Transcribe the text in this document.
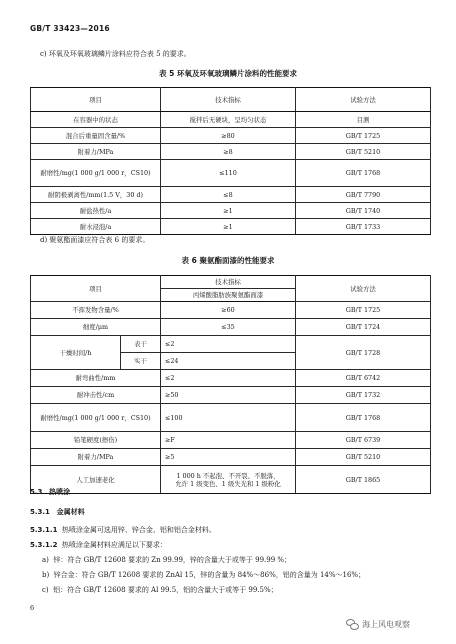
GB/T 33423—2016
c) 环氧及环氧玻璃鳞片涂料应符合表 5 的要求。
表 5 环氧及环氧玻璃鳞片涂料的性能要求
项目	技术指标	试验方法
在容器中的状态	搅拌后无硬块，呈均匀状态	目测
混合后重量固含量/%	≥80	GB/T 1725
附着力/MPa	≥8	GB/T 5210
耐磨性/mg(1 000 g/1 000 r，CS10)	≤110	GB/T 1768
耐阴极剥离性/mm(1.5 V，30 d)	≤8	GB/T 7790
耐盐热性/a	≥1	GB/T 1740
耐水浸泡/a	≥1	GB/T 1733
d) 聚氨酯面漆应符合表 6 的要求。
表 6 聚氨酯面漆的性能要求
项目		技术指标	试验方法
		丙烯酸脂肪族聚氨酯面漆	
不挥发物含量/%		≥60	GB/T 1725
细度/μm		≤35	GB/T 1724
干燥时间/h	表干	≤2	GB/T 1728
	实干	≤24	
耐弯曲性/mm		≤2	GB/T 6742
耐冲击性/cm		≥50	GB/T 1732
耐磨性/mg(1 000 g/1 000 r，CS10)		≤100	GB/T 1768
铅笔硬度(擦伤)		≥F	GB/T 6739
附着力/MPa		≥5	GB/T 5210
人工加速老化		1 000 h 不起泡、不开裂、不脱落，
允许 1 级变色、1 级失光和 1 级粉化	GB/T 1865
5.3 热喷涂
5.3.1 金属材料
5.3.1.1 热喷涂金属可选用锌、锌合金、铝和铝合金材料。
5.3.1.2 热喷涂金属材料应满足以下要求：
a) 锌：符合 GB/T 12608 要求的 Zn 99.99，锌的含量大于或等于 99.99 %；
b) 锌合金：符合 GB/T 12608 要求的 ZnAl 15，锌的含量为 84%～86%，铝的含量为 14%～16%；
c) 铝：符合 GB/T 12608 要求的 Al 99.5，铝的含量大于或等于 99.5%；
6
海上风电观察
